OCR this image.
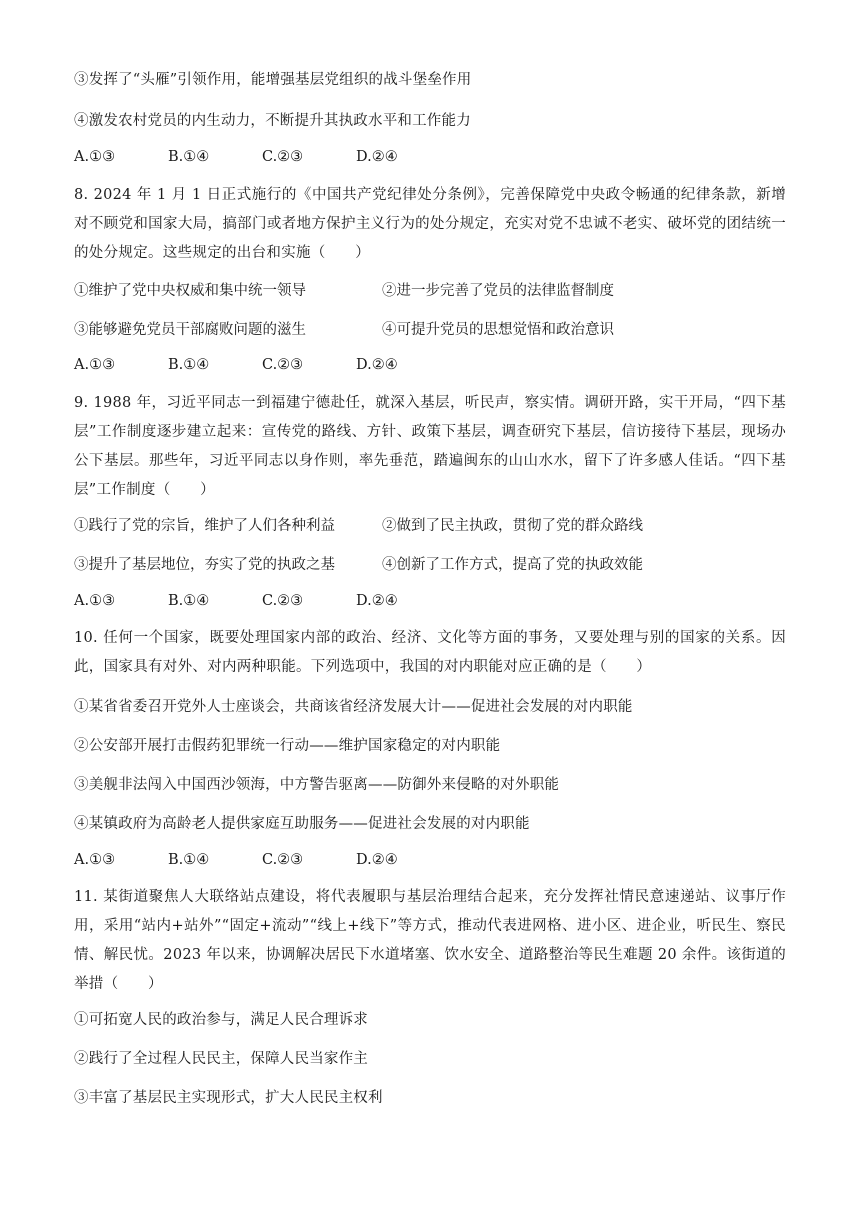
③发挥了“头雁”引领作用，能增强基层党组织的战斗堡垒作用
④激发农村党员的内生动力，不断提升其执政水平和工作能力
A.①③	B.①④	C.②③	D.②④
8. 2024 年 1 月 1 日正式施行的《中国共产党纪律处分条例》，完善保障党中央政令畅通的纪律条款，新增对不顾党和国家大局，搞部门或者地方保护主义行为的处分规定，充实对党不忠诚不老实、破坏党的团结统一的处分规定。这些规定的出台和实施（　　）
①维护了党中央权威和集中统一领导	②进一步完善了党员的法律监督制度
③能够避免党员干部腐败问题的滋生	④可提升党员的思想觉悟和政治意识
A.①③	B.①④	C.②③	D.②④
9. 1988 年，习近平同志一到福建宁德赴任，就深入基层，听民声，察实情。调研开路，实干开局，“四下基层”工作制度逐步建立起来：宣传党的路线、方针、政策下基层，调查研究下基层，信访接待下基层，现场办公下基层。那些年，习近平同志以身作则，率先垂范，踏遍闽东的山山水水，留下了许多感人佳话。“四下基层”工作制度（　　）
①践行了党的宗旨，维护了人们各种利益	②做到了民主执政，贯彻了党的群众路线
③提升了基层地位，夯实了党的执政之基	④创新了工作方式，提高了党的执政效能
A.①③	B.①④	C.②③	D.②④
10. 任何一个国家，既要处理国家内部的政治、经济、文化等方面的事务，又要处理与别的国家的关系。因此，国家具有对外、对内两种职能。下列选项中，我国的对内职能对应正确的是（　　）
①某省省委召开党外人士座谈会，共商该省经济发展大计——促进社会发展的对内职能
②公安部开展打击假药犯罪统一行动——维护国家稳定的对内职能
③美舰非法闯入中国西沙领海，中方警告驱离——防御外来侵略的对外职能
④某镇政府为高龄老人提供家庭互助服务——促进社会发展的对内职能
A.①③	B.①④	C.②③	D.②④
11. 某街道聚焦人大联络站点建设，将代表履职与基层治理结合起来，充分发挥社情民意速递站、议事厅作用，采用“站内+站外”“固定+流动”“线上+线下”等方式，推动代表进网格、进小区、进企业，听民生、察民情、解民忧。2023 年以来，协调解决居民下水道堵塞、饮水安全、道路整治等民生难题 20 余件。该街道的举措（　　）
①可拓宽人民的政治参与，满足人民合理诉求
②践行了全过程人民民主，保障人民当家作主
③丰富了基层民主实现形式，扩大人民民主权利
